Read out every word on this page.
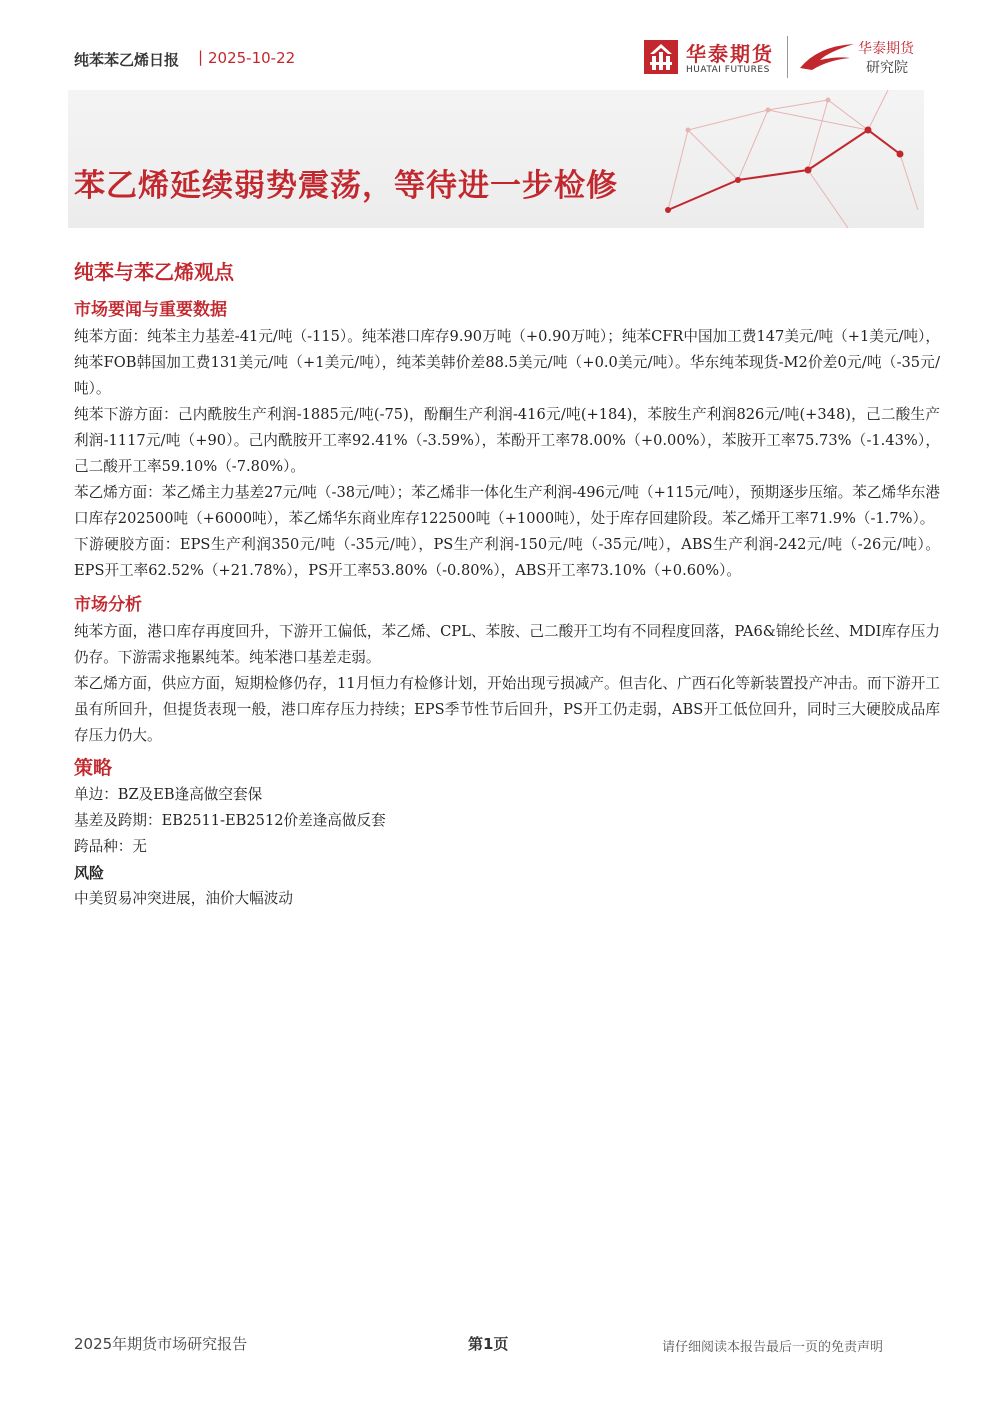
纯苯苯乙烯日报 | 2025-10-22	华泰期货
HUATAI FUTURES
华泰期货
研究院
苯乙烯延续弱势震荡，等待进一步检修
纯苯与苯乙烯观点
市场要闻与重要数据

纯苯方面：纯苯主力基差-41元/吨（-115）。纯苯港口库存9.90万吨（+0.90万吨）；纯苯CFR中国加工费147美元/吨（+1美元/吨），纯苯FOB韩国加工费131美元/吨（+1美元/吨），纯苯美韩价差88.5美元/吨（+0.0美元/吨）。华东纯苯现货-M2价差0元/吨（-35元/吨）。

纯苯下游方面：己内酰胺生产利润-1885元/吨(-75)，酚酮生产利润-416元/吨(+184)，苯胺生产利润826元/吨(+348)，己二酸生产利润-1117元/吨（+90）。己内酰胺开工率92.41%（-3.59%），苯酚开工率78.00%（+0.00%），苯胺开工率75.73%（-1.43%），己二酸开工率59.10%（-7.80%）。

苯乙烯方面：苯乙烯主力基差27元/吨（-38元/吨）；苯乙烯非一体化生产利润-496元/吨（+115元/吨），预期逐步压缩。苯乙烯华东港口库存202500吨（+6000吨），苯乙烯华东商业库存122500吨（+1000吨），处于库存回建阶段。苯乙烯开工率71.9%（-1.7%）。

下游硬胶方面：EPS生产利润350元/吨（-35元/吨），PS生产利润-150元/吨（-35元/吨），ABS生产利润-242元/吨（-26元/吨）。EPS开工率62.52%（+21.78%），PS开工率53.80%（-0.80%），ABS开工率73.10%（+0.60%）。

市场分析

纯苯方面，港口库存再度回升，下游开工偏低，苯乙烯、CPL、苯胺、己二酸开工均有不同程度回落，PA6&锦纶长丝、MDI库存压力仍存。下游需求拖累纯苯。纯苯港口基差走弱。

苯乙烯方面，供应方面，短期检修仍存，11月恒力有检修计划，开始出现亏损减产。但吉化、广西石化等新装置投产冲击。而下游开工虽有所回升，但提货表现一般，港口库存压力持续；EPS季节性节后回升，PS开工仍走弱，ABS开工低位回升，同时三大硬胶成品库存压力仍大。

策略

单边：BZ及EB逢高做空套保

基差及跨期：EB2511-EB2512价差逢高做反套

跨品种：无

风险

中美贸易冲突进展，油价大幅波动

2025年期货市场研究报告	第1页	请仔细阅读本报告最后一页的免责声明
